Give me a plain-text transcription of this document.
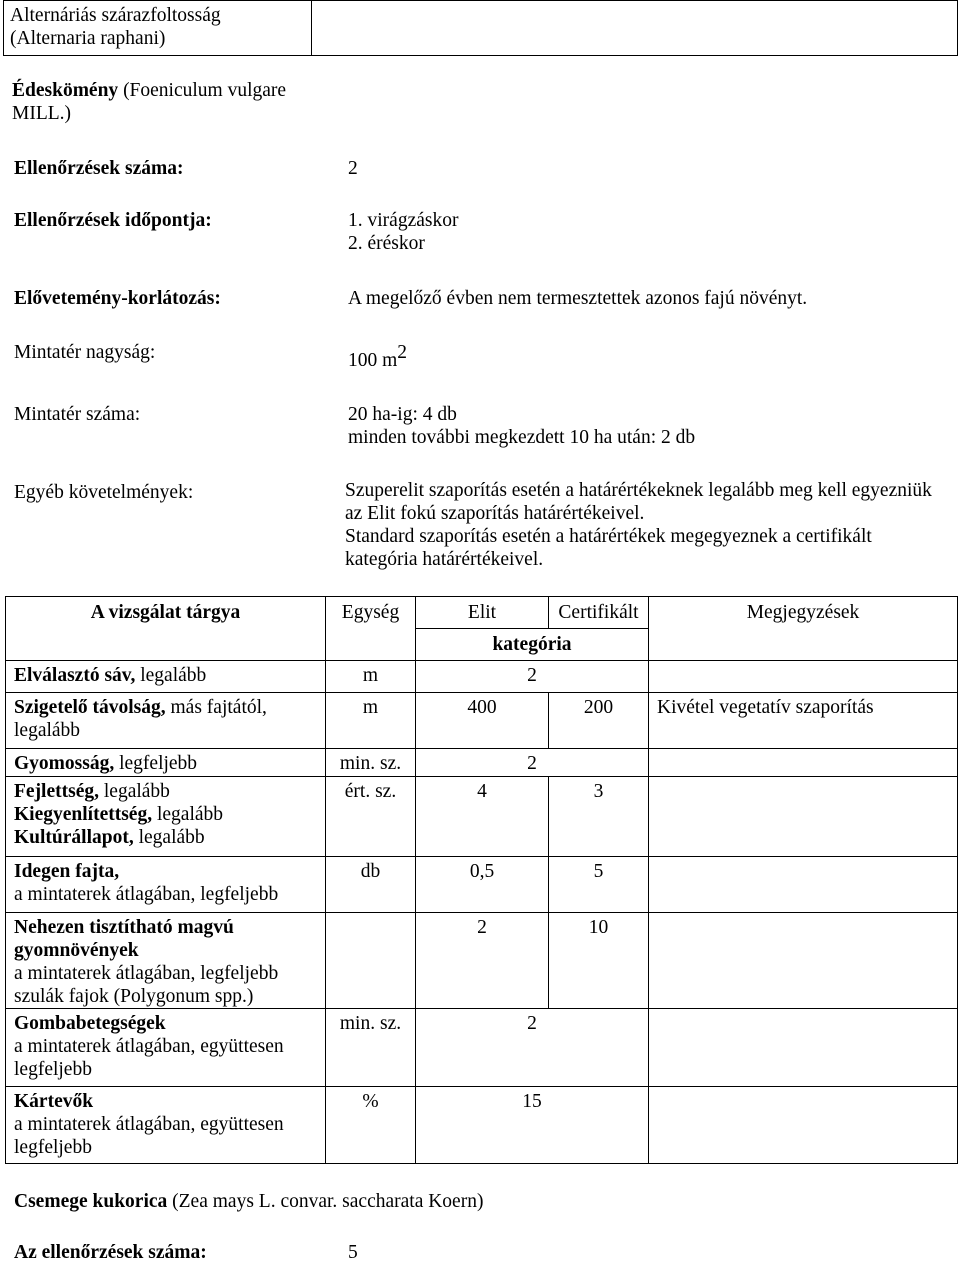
Alternáriás szárazfoltosság
(Alternaria raphani)

Édeskömény (Foeniculum vulgare MILL.)
Ellenőrzések száma:	2
Ellenőrzések időpontja:	1. virágzáskor
2. éréskor
Elővetemény-korlátozás:	A megelőző évben nem termesztettek azonos fajú növényt.
Mintatér nagyság:	100 m2
Mintatér száma:	20 ha-ig: 4 db
minden további megkezdett 10 ha után: 2 db
Egyéb követelmények:	Szuperelit szaporítás esetén a határértékeknek legalább meg kell egyezniük
az Elit fokú szaporítás határértékeivel.
Standard szaporítás esetén a határértékek megegyeznek a certifikált
kategória határértékeivel.
A vizsgálat tárgya	Egység	Elit	Certifikált	Megjegyzések
		kategória		

Elválasztó sáv, legalább	m	2		

Szigetelő távolság, más fajtától, legalább	m	400	200	Kivétel vegetatív szaporítás

Gyomosság, legfeljebb	min. sz.	2		

Fejlettség, legalább
Kiegyenlítettség, legalább
Kultúrállapot, legalább	ért. sz.	4	3	

Idegen fajta,
a mintaterek átlagában, legfeljebb	db	0,5	5	

Nehezen tisztítható magvú gyomnövények
a mintaterek átlagában, legfeljebb
szulák fajok (Polygonum spp.)		2	10	

Gombabetegségek
a mintaterek átlagában, együttesen
legfeljebb	min. sz.	2		

Kártevők
a mintaterek átlagában, együttesen
legfeljebb	%	15		
Csemege kukorica (Zea mays L. convar. saccharata Koern)
Az ellenőrzések száma:	5
